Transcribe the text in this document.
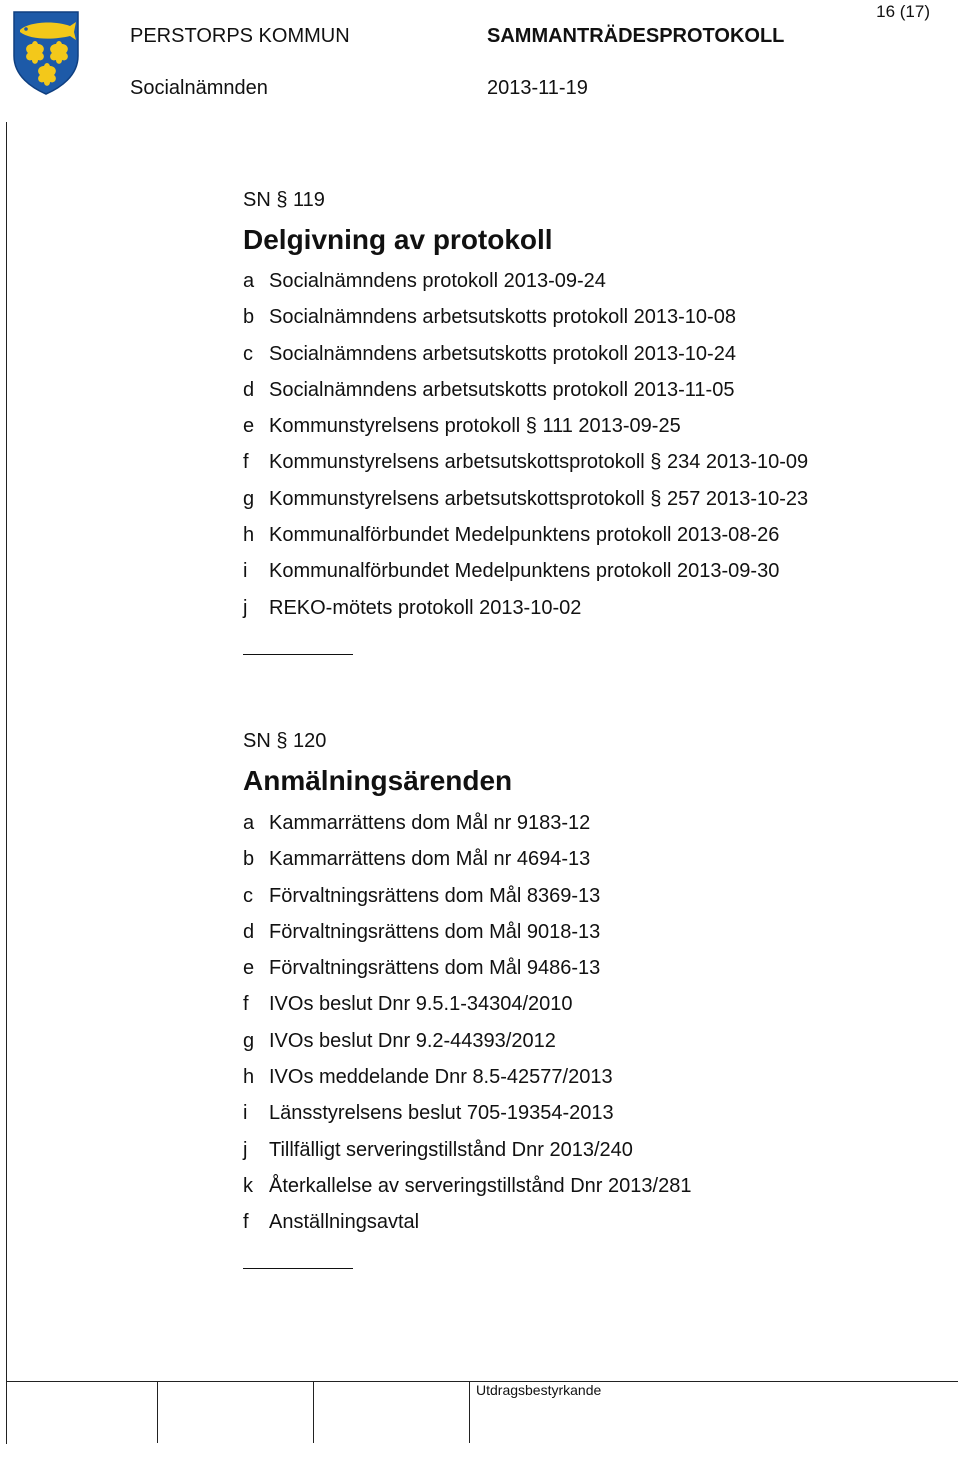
16 (17)
PERSTORPS KOMMUN	SAMMANTRÄDESPROTOKOLL
Socialnämnden	2013-11-19
SN § 119
Delgivning av protokoll
a Socialnämndens protokoll 2013-09-24
b Socialnämndens arbetsutskotts protokoll 2013-10-08
c Socialnämndens arbetsutskotts protokoll 2013-10-24
d Socialnämndens arbetsutskotts protokoll 2013-11-05
e Kommunstyrelsens protokoll § 111 2013-09-25
f Kommunstyrelsens arbetsutskottsprotokoll § 234 2013-10-09
g Kommunstyrelsens arbetsutskottsprotokoll § 257 2013-10-23
h Kommunalförbundet Medelpunktens protokoll 2013-08-26
i Kommunalförbundet Medelpunktens protokoll 2013-09-30
j REKO-mötets protokoll 2013-10-02
SN § 120
Anmälningsärenden
a Kammarrättens dom Mål nr 9183-12
b Kammarrättens dom Mål nr 4694-13
c Förvaltningsrättens dom Mål 8369-13
d Förvaltningsrättens dom Mål 9018-13
e Förvaltningsrättens dom Mål 9486-13
f IVOs beslut Dnr 9.5.1-34304/2010
g IVOs beslut Dnr 9.2-44393/2012
h IVOs meddelande Dnr 8.5-42577/2013
i Länsstyrelsens beslut 705-19354-2013
j Tillfälligt serveringstillstånd Dnr 2013/240
k Återkallelse av serveringstillstånd Dnr 2013/281
f Anställningsavtal
Utdragsbestyrkande
